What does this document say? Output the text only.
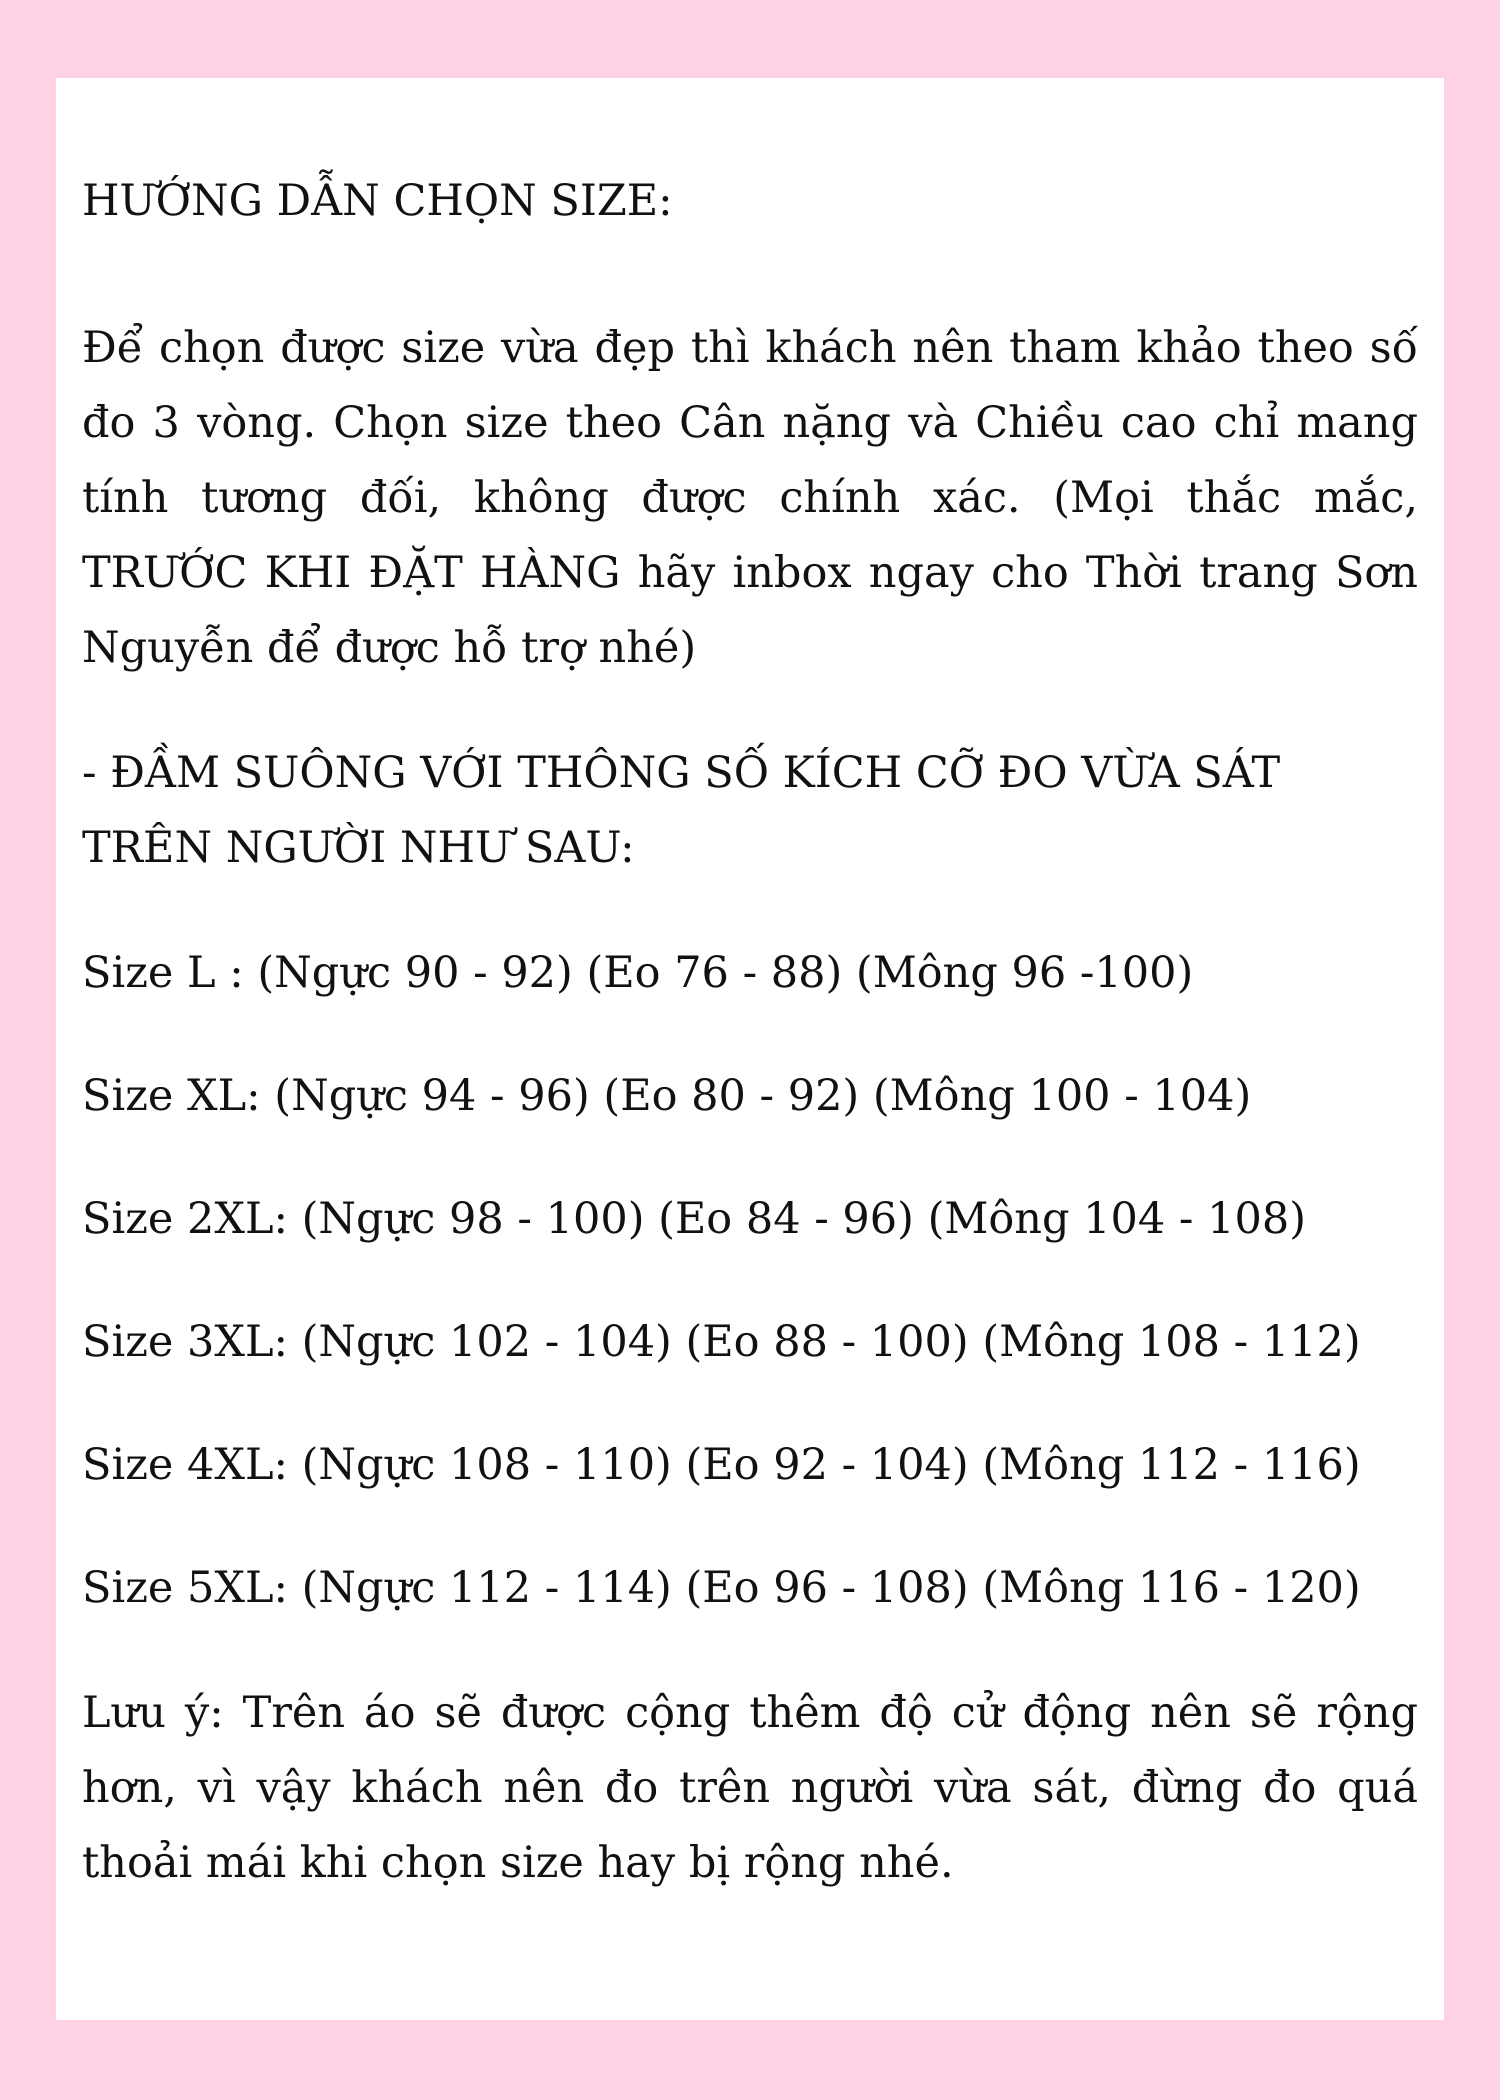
HƯỚNG DẪN CHỌN SIZE:

Để chọn được size vừa đẹp thì khách nên tham khảo theo số đo 3 vòng. Chọn size theo Cân nặng và Chiều cao chỉ mang tính tương đối, không được chính xác. (Mọi thắc mắc, TRƯỚC KHI ĐẶT HÀNG hãy inbox ngay cho Thời trang Sơn Nguyễn để được hỗ trợ nhé)

- ĐẦM SUÔNG VỚI THÔNG SỐ KÍCH CỠ ĐO VỪA SÁT TRÊN NGƯỜI NHƯ SAU:

Size L : (Ngực 90 - 92) (Eo 76 - 88) (Mông 96 -100)

Size XL: (Ngực 94 - 96) (Eo 80 - 92) (Mông 100 - 104)

Size 2XL: (Ngực 98 - 100) (Eo 84 - 96) (Mông 104 - 108)

Size 3XL: (Ngực 102 - 104) (Eo 88 - 100) (Mông 108 - 112)

Size 4XL: (Ngực 108 - 110) (Eo 92 - 104) (Mông 112 - 116)

Size 5XL: (Ngực 112 - 114) (Eo 96 - 108) (Mông 116 - 120)

Lưu ý: Trên áo sẽ được cộng thêm độ cử động nên sẽ rộng hơn, vì vậy khách nên đo trên người vừa sát, đừng đo quá thoải mái khi chọn size hay bị rộng nhé.
